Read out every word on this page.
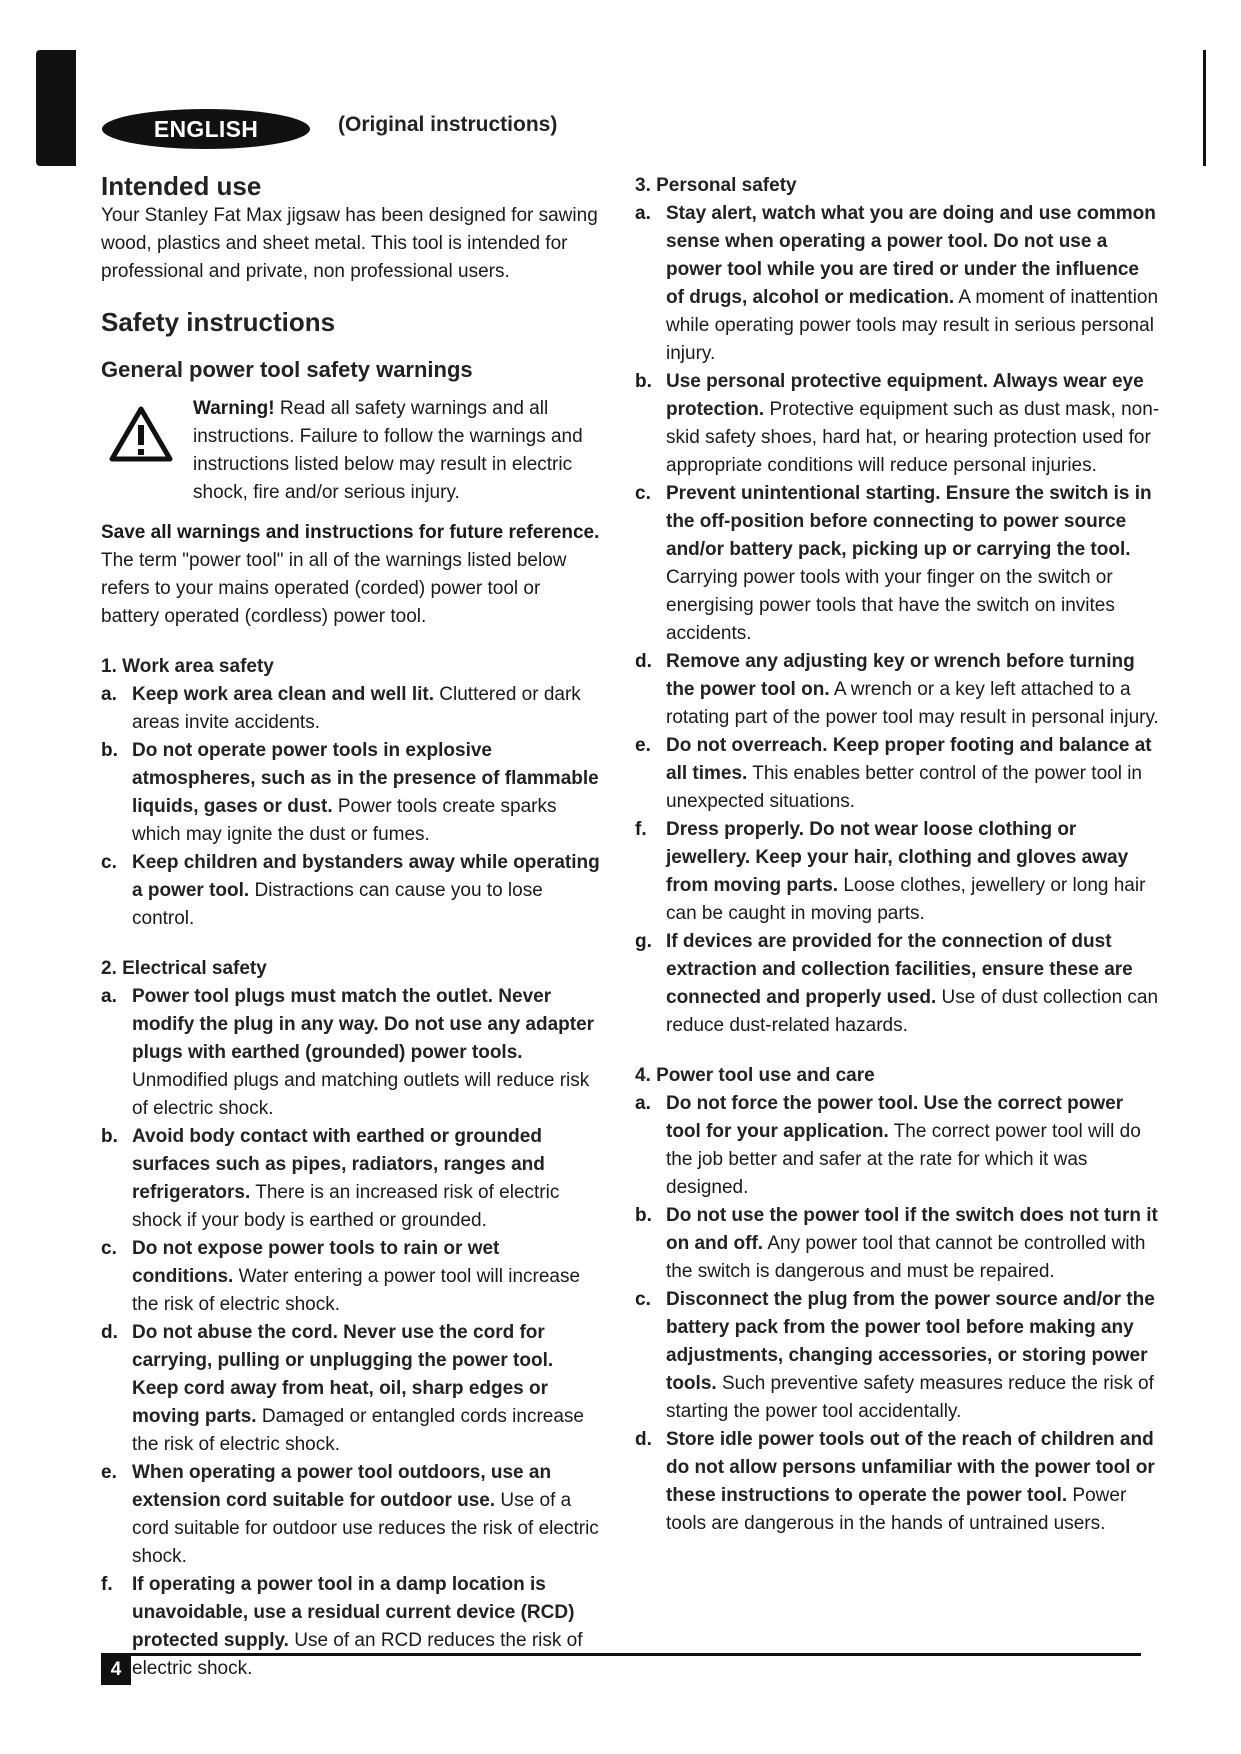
ENGLISH	(Original instructions)
Intended use

Your Stanley Fat Max jigsaw has been designed for sawing wood, plastics and sheet metal. This tool is intended for professional and private, non professional users.

Safety instructions
General power tool safety warnings

Warning! Read all safety warnings and all instructions. Failure to follow the warnings and instructions listed below may result in electric shock, fire and/or serious injury.

Save all warnings and instructions for future reference.
The term "power tool" in all of the warnings listed below refers to your mains operated (corded) power tool or battery operated (cordless) power tool.

1. Work area safety

a. Keep work area clean and well lit. Cluttered or dark areas invite accidents.
b. Do not operate power tools in explosive atmospheres, such as in the presence of flammable liquids, gases or dust. Power tools create sparks which may ignite the dust or fumes.
c. Keep children and bystanders away while operating a power tool. Distractions can cause you to lose control.

2. Electrical safety

a. Power tool plugs must match the outlet. Never modify the plug in any way. Do not use any adapter plugs with earthed (grounded) power tools. Unmodified plugs and matching outlets will reduce risk of electric shock.
b. Avoid body contact with earthed or grounded surfaces such as pipes, radiators, ranges and refrigerators. There is an increased risk of electric shock if your body is earthed or grounded.
c. Do not expose power tools to rain or wet conditions. Water entering a power tool will increase the risk of electric shock.
d. Do not abuse the cord. Never use the cord for carrying, pulling or unplugging the power tool. Keep cord away from heat, oil, sharp edges or moving parts. Damaged or entangled cords increase the risk of electric shock.
e. When operating a power tool outdoors, use an extension cord suitable for outdoor use. Use of a cord suitable for outdoor use reduces the risk of electric shock.
f. If operating a power tool in a damp location is unavoidable, use a residual current device (RCD) protected supply. Use of an RCD reduces the risk of electric shock.

3. Personal safety

a. Stay alert, watch what you are doing and use common sense when operating a power tool. Do not use a power tool while you are tired or under the influence of drugs, alcohol or medication. A moment of inattention while operating power tools may result in serious personal injury.
b. Use personal protective equipment. Always wear eye protection. Protective equipment such as dust mask, non-skid safety shoes, hard hat, or hearing protection used for appropriate conditions will reduce personal injuries.
c. Prevent unintentional starting. Ensure the switch is in the off-position before connecting to power source and/or battery pack, picking up or carrying the tool. Carrying power tools with your finger on the switch or energising power tools that have the switch on invites accidents.
d. Remove any adjusting key or wrench before turning the power tool on. A wrench or a key left attached to a rotating part of the power tool may result in personal injury.
e. Do not overreach. Keep proper footing and balance at all times. This enables better control of the power tool in unexpected situations.
f. Dress properly. Do not wear loose clothing or jewellery. Keep your hair, clothing and gloves away from moving parts. Loose clothes, jewellery or long hair can be caught in moving parts.
g. If devices are provided for the connection of dust extraction and collection facilities, ensure these are connected and properly used. Use of dust collection can reduce dust-related hazards.

4. Power tool use and care

a. Do not force the power tool. Use the correct power tool for your application. The correct power tool will do the job better and safer at the rate for which it was designed.
b. Do not use the power tool if the switch does not turn it on and off. Any power tool that cannot be controlled with the switch is dangerous and must be repaired.
c. Disconnect the plug from the power source and/or the battery pack from the power tool before making any adjustments, changing accessories, or storing power tools. Such preventive safety measures reduce the risk of starting the power tool accidentally.
d. Store idle power tools out of the reach of children and do not allow persons unfamiliar with the power tool or these instructions to operate the power tool. Power tools are dangerous in the hands of untrained users.
4
